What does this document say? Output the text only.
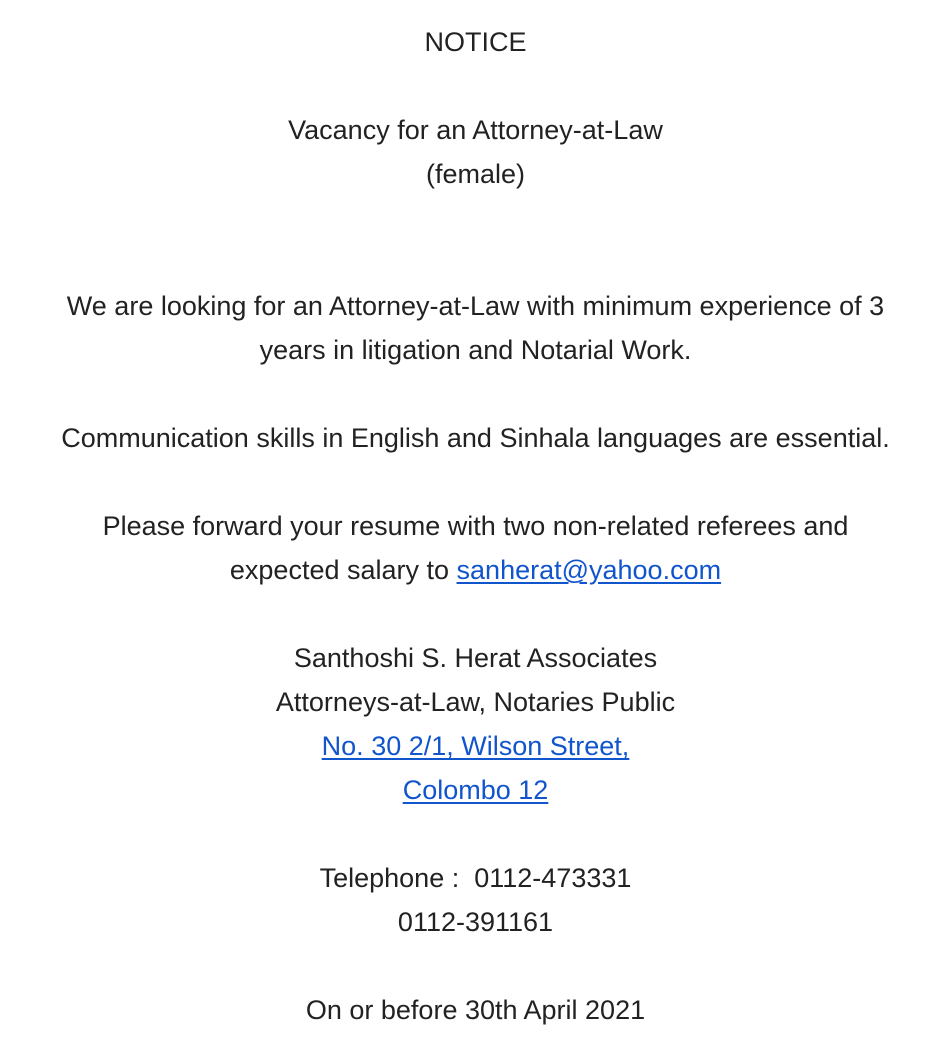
NOTICE
Vacancy for an Attorney-at-Law
(female)
We are looking for an Attorney-at-Law with minimum experience of 3
years in litigation and Notarial Work.
Communication skills in English and Sinhala languages are essential.
Please forward your resume with two non-related referees and
expected salary to sanherat@yahoo.com
Santhoshi S. Herat Associates
Attorneys-at-Law, Notaries Public
No. 30 2/1, Wilson Street,
Colombo 12
Telephone : 0112-473331
0112-391161
On or before 30th April 2021
